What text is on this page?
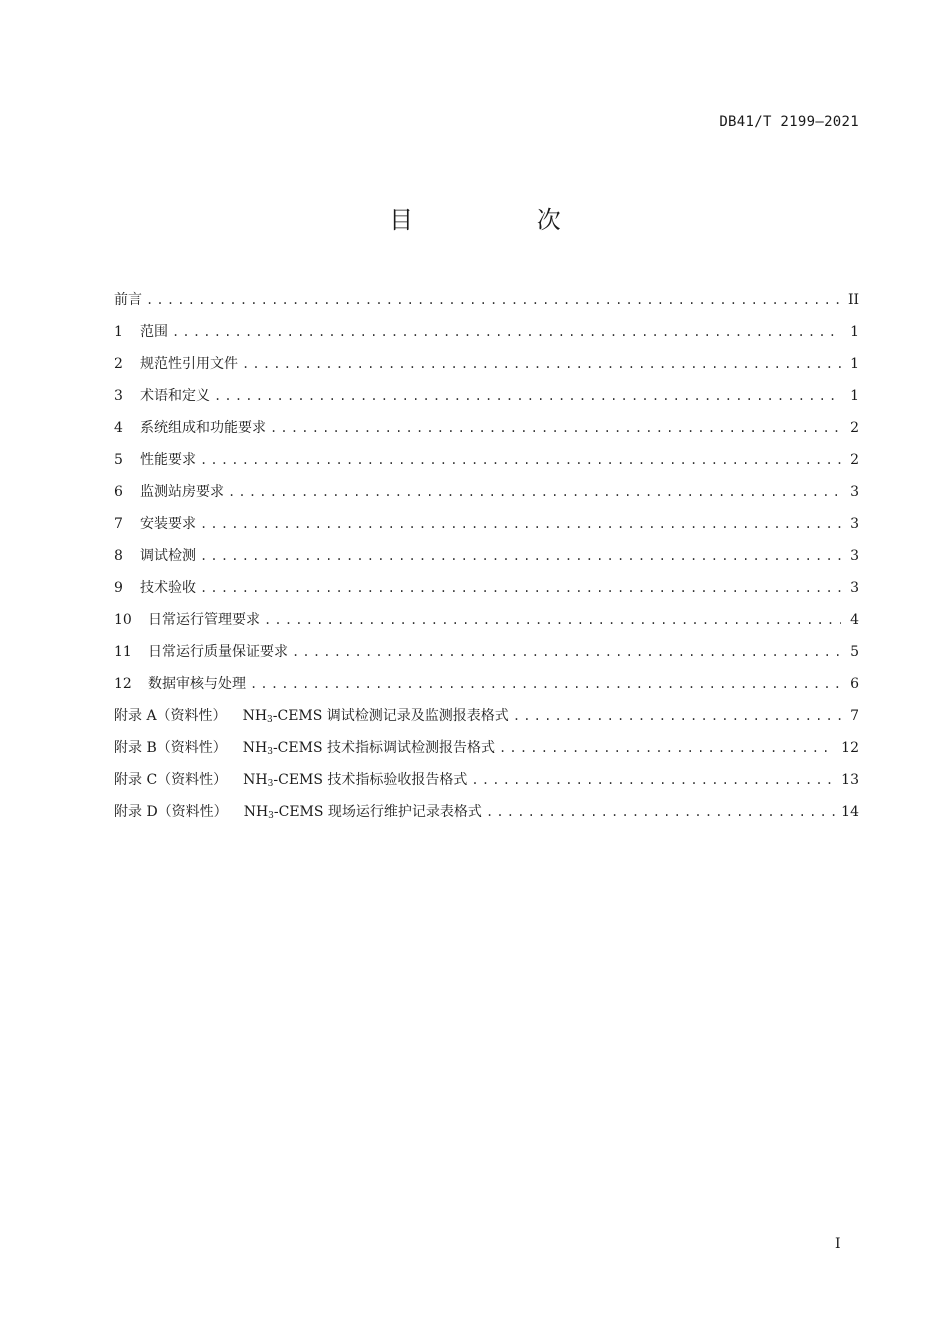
DB41/T 2199—2021
目 次
前言 .....	II
1	范围 .....	1
2	规范性引用文件 .....	1
3	术语和定义 .....	1
4	系统组成和功能要求 .....	2
5	性能要求 .....	2
6	监测站房要求 .....	3
7	安装要求 .....	3
8	调试检测 .....	3
9	技术验收 .....	3
10	日常运行管理要求 .....	4
11	日常运行质量保证要求 .....	5
12	数据审核与处理 .....	6
附录 A（资料性）	$NH_3$-CEMS 调试检测记录及监测报表格式 .....	7
附录 B（资料性）	$NH_3$-CEMS 技术指标调试检测报告格式 .....	12
附录 C（资料性）	$NH_3$-CEMS 技术指标验收报告格式 .....	13
附录 D（资料性）	$NH_3$-CEMS 现场运行维护记录表格式 .....	14
I
